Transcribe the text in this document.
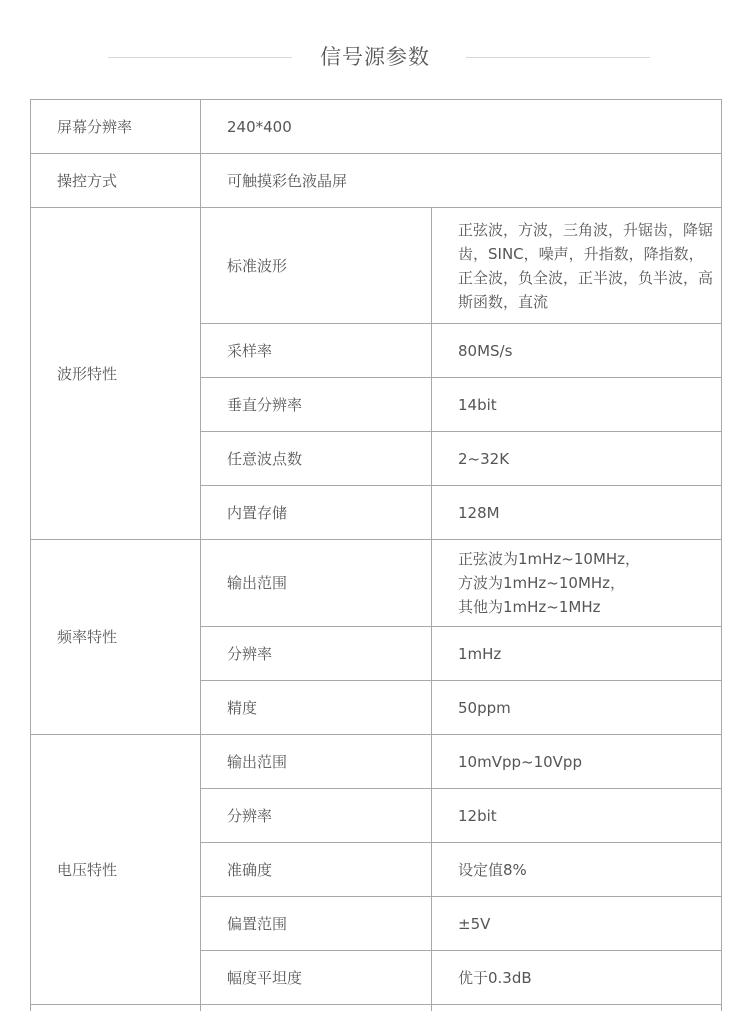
信号源参数
屏幕分辨率	240*400	
操控方式	可触摸彩色液晶屏	
波形特性	标准波形	正弦波，方波，三角波，升锯齿，降锯齿，SINC，噪声，升指数，降指数，正全波，负全波，正半波，负半波，高斯函数，直流
	采样率	80MS/s
	垂直分辨率	14bit
	任意波点数	2~32K
	内置存储	128M
频率特性	输出范围	正弦波为1mHz~10MHz，
方波为1mHz~10MHz，
其他为1mHz~1MHz

	分辨率	1mHz
	精度	50ppm
电压特性	输出范围	10mVpp~10Vpp
	分辨率	12bit
	准确度	设定值8%
	偏置范围	±5V
	幅度平坦度	优于0.3dB
